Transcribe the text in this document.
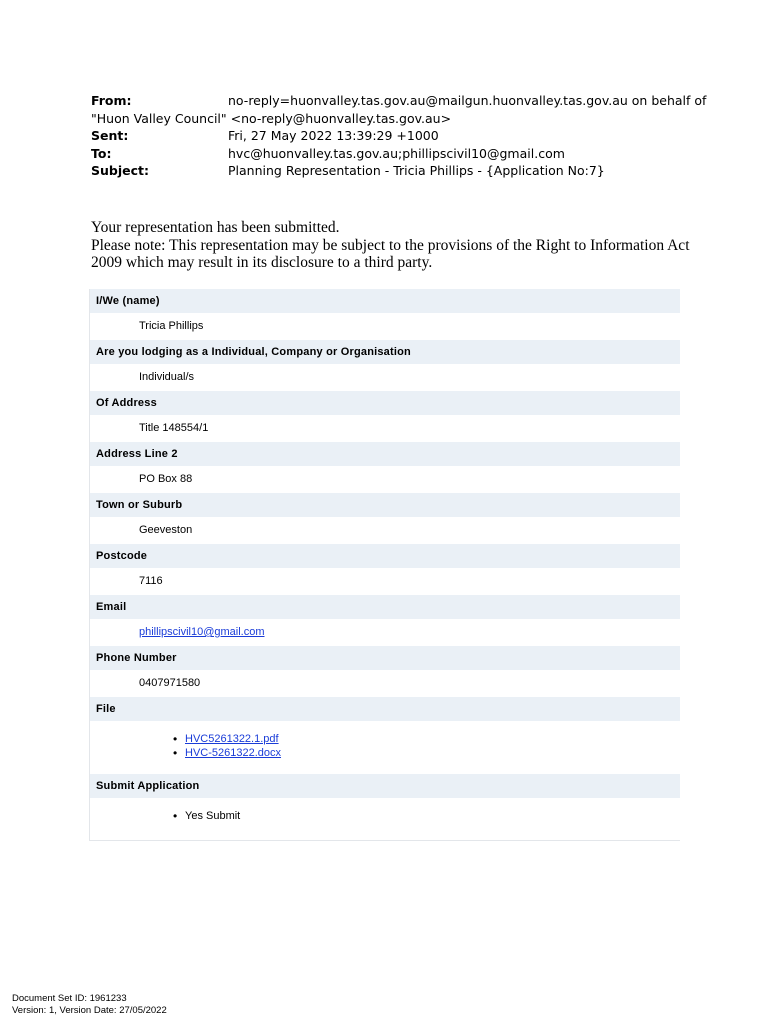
From:	no-reply=huonvalley.tas.gov.au@mailgun.huonvalley.tas.gov.au on behalf of
"Huon Valley Council" <no-reply@huonvalley.tas.gov.au>
Sent:	Fri, 27 May 2022 13:39:29 +1000
To:	hvc@huonvalley.tas.gov.au;phillipscivil10@gmail.com
Subject:	Planning Representation - Tricia Phillips - {Application No:7}
Your representation has been submitted.
Please note: This representation may be subject to the provisions of the Right to Information Act
2009 which may result in its disclosure to a third party.
I/We (name)
Tricia Phillips
Are you lodging as a Individual, Company or Organisation
Individual/s
Of Address
Title 148554/1
Address Line 2
PO Box 88
Town or Suburb
Geeveston
Postcode
7116
Email
phillipscivil10@gmail.com
Phone Number
0407971580
File
• HVC5261322.1.pdf
• HVC-5261322.docx
Submit Application
• Yes Submit
Document Set ID: 1961233
Version: 1, Version Date: 27/05/2022
